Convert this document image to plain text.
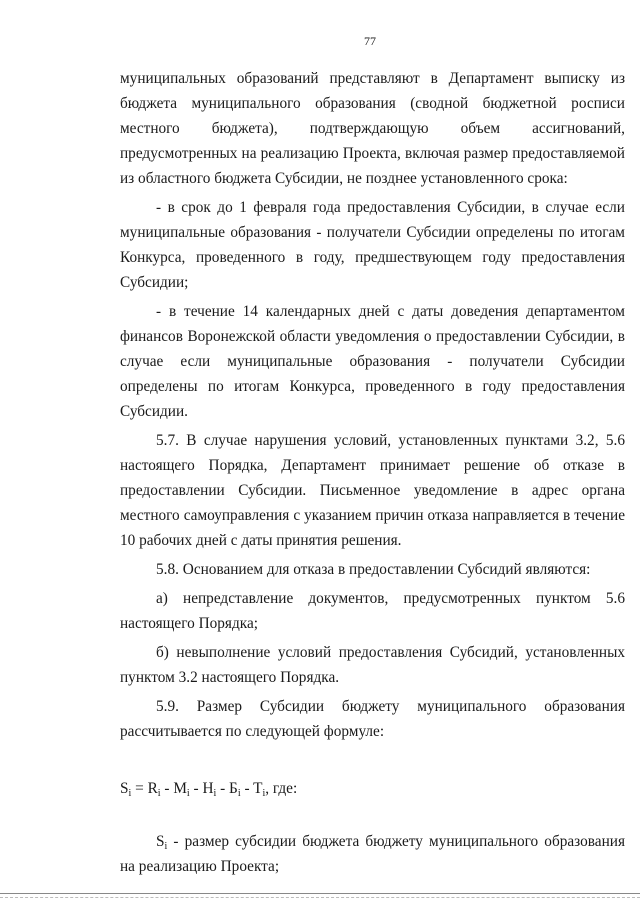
77

муниципальных образований представляют в Департамент выписку из бюджета муниципального образования (сводной бюджетной росписи местного бюджета), подтверждающую объем ассигнований, предусмотренных на реализацию Проекта, включая размер предоставляемой из областного бюджета Субсидии, не позднее установленного срока:

- в срок до 1 февраля года предоставления Субсидии, в случае если муниципальные образования - получатели Субсидии определены по итогам Конкурса, проведенного в году, предшествующем году предоставления Субсидии;

- в течение 14 календарных дней с даты доведения департаментом финансов Воронежской области уведомления о предоставлении Субсидии, в случае если муниципальные образования - получатели Субсидии определены по итогам Конкурса, проведенного в году предоставления Субсидии.

5.7. В случае нарушения условий, установленных пунктами 3.2, 5.6 настоящего Порядка, Департамент принимает решение об отказе в предоставлении Субсидии. Письменное уведомление в адрес органа местного самоуправления с указанием причин отказа направляется в течение 10 рабочих дней с даты принятия решения.

5.8. Основанием для отказа в предоставлении Субсидий являются:

а) непредставление документов, предусмотренных пунктом 5.6 настоящего Порядка;

б) невыполнение условий предоставления Субсидий, установленных пунктом 3.2 настоящего Порядка.

5.9. Размер Субсидии бюджету муниципального образования рассчитывается по следующей формуле:

$S_i = R_i - M_i - H_i - Б_i - T_i$, где:

$S_i$ - размер субсидии бюджета бюджету муниципального образования на реализацию Проекта;
